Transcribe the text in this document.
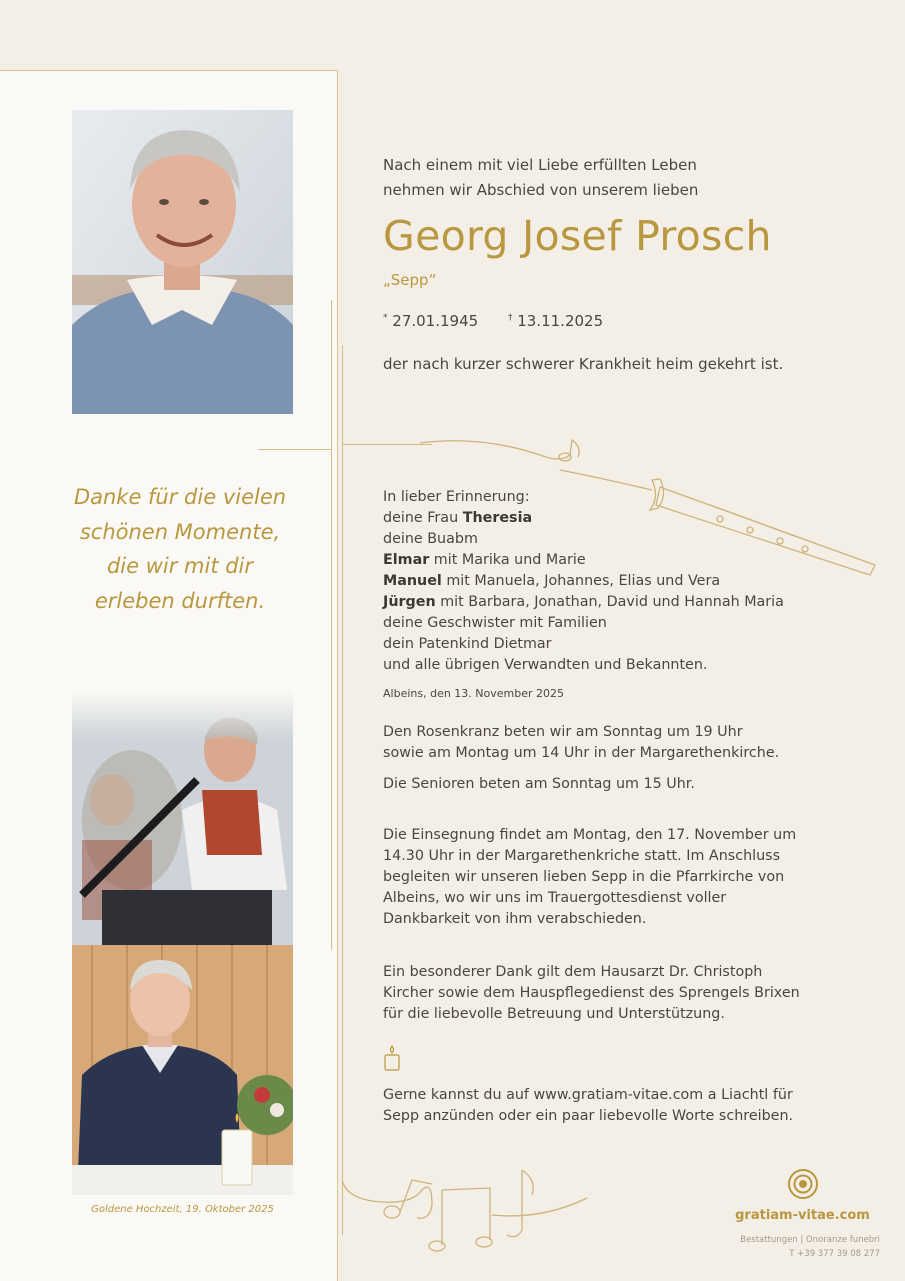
Danke für die vielen
schönen Momente,
die wir mit dir
erleben durften.

Goldene Hochzeit, 19. Oktober 2025

Nach einem mit viel Liebe erfüllten Leben

nehmen wir Abschied von unserem lieben

Georg Josef Prosch
„Sepp“
* 27.01.1945	† 13.11.2025
der nach kurzer schwerer Krankheit heim gekehrt ist.

In lieber Erinnerung:

deine Frau Theresia

deine Buabm

Elmar mit Marika und Marie

Manuel mit Manuela, Johannes, Elias und Vera

Jürgen mit Barbara, Jonathan, David und Hannah Maria

deine Geschwister mit Familien

dein Patenkind Dietmar

und alle übrigen Verwandten und Bekannten.

Albeins, den 13. November 2025

Den Rosenkranz beten wir am Sonntag um 19 Uhr

sowie am Montag um 14 Uhr in der Margarethenkirche.

Die Senioren beten am Sonntag um 15 Uhr.

Die Einsegnung findet am Montag, den 17. November um

14.30 Uhr in der Margarethenkriche statt. Im Anschluss

begleiten wir unseren lieben Sepp in die Pfarrkirche von

Albeins, wo wir uns im Trauergottesdienst voller

Dankbarkeit von ihm verabschieden.

Ein besonderer Dank gilt dem Hausarzt Dr. Christoph

Kircher sowie dem Hauspflegedienst des Sprengels Brixen

für die liebevolle Betreuung und Unterstützung.

Gerne kannst du auf www.gratiam-vitae.com a Liachtl für

Sepp anzünden oder ein paar liebevolle Worte schreiben.

gratiam-vitae.com
Bestattungen | Onoranze funebri
T +39 377 39 08 277
